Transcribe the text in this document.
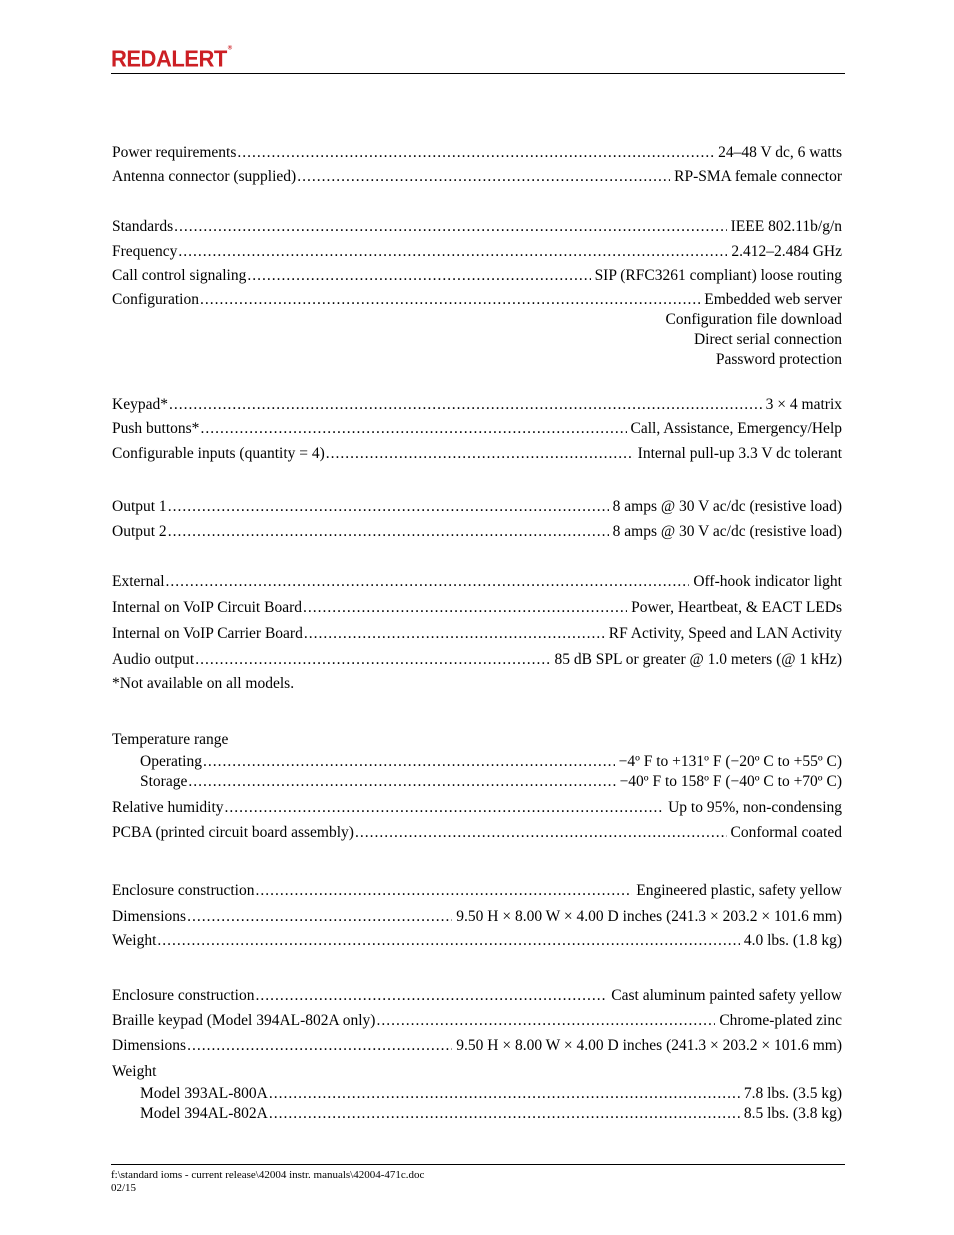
REDALERT®
Power requirements .....	24–48 V dc, 6 watts
Antenna connector (supplied) .....	RP-SMA female connector
Standards .....	IEEE 802.11b/g/n
Frequency .....	2.412–2.484 GHz
Call control signaling .....	SIP (RFC3261 compliant) loose routing
Configuration .....	Embedded web server
Configuration file download
Direct serial connection
Password protection
Keypad* .....	3 × 4 matrix
Push buttons* .....	Call, Assistance, Emergency/Help
Configurable inputs (quantity = 4) .....	Internal pull-up 3.3 V dc tolerant
Output 1 .....	8 amps @ 30 V ac/dc (resistive load)
Output 2 .....	8 amps @ 30 V ac/dc (resistive load)
External .....	Off-hook indicator light
Internal on VoIP Circuit Board .....	Power, Heartbeat, & EACT LEDs
Internal on VoIP Carrier Board .....	RF Activity, Speed and LAN Activity
Audio output .....	85 dB SPL or greater @ 1.0 meters (@ 1 kHz)
*Not available on all models.
Temperature range
Operating .....	−4º F to +131º F (−20º C to +55º C)
Storage .....	−40º F to 158º F (−40º C to +70º C)
Relative humidity .....	Up to 95%, non-condensing
PCBA (printed circuit board assembly) .....	Conformal coated
Enclosure construction .....	Engineered plastic, safety yellow
Dimensions .....	9.50 H × 8.00 W × 4.00 D inches (241.3 × 203.2 × 101.6 mm)
Weight .....	4.0 lbs. (1.8 kg)
Enclosure construction .....	Cast aluminum painted safety yellow
Braille keypad (Model 394AL-802A only) .....	Chrome-plated zinc
Dimensions .....	9.50 H × 8.00 W × 4.00 D inches (241.3 × 203.2 × 101.6 mm)
Weight
Model 393AL-800A .....	7.8 lbs. (3.5 kg)
Model 394AL-802A .....	8.5 lbs. (3.8 kg)
f:\standard ioms - current release\42004 instr. manuals\42004-471c.doc
02/15
